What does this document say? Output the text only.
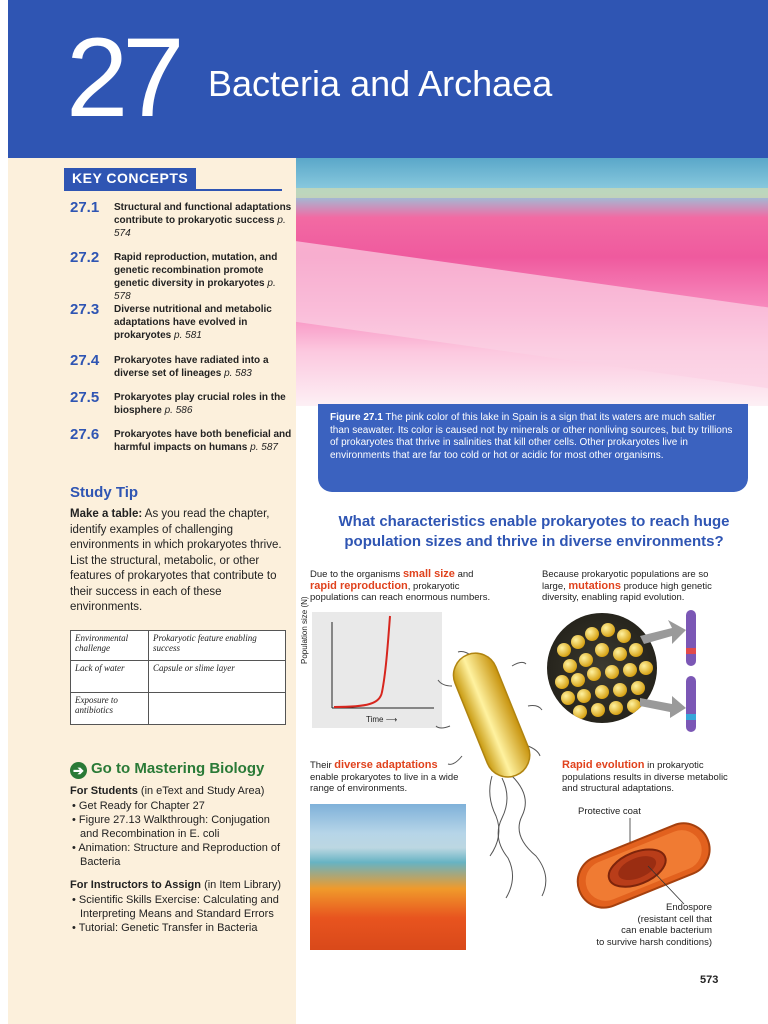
27 Bacteria and Archaea
KEY CONCEPTS
27.1 Structural and functional adaptations contribute to prokaryotic success p. 574
27.2 Rapid reproduction, mutation, and genetic recombination promote genetic diversity in prokaryotes p. 578
27.3 Diverse nutritional and metabolic adaptations have evolved in prokaryotes p. 581
27.4 Prokaryotes have radiated into a diverse set of lineages p. 583
27.5 Prokaryotes play crucial roles in the biosphere p. 586
27.6 Prokaryotes have both beneficial and harmful impacts on humans p. 587
Study Tip
Make a table: As you read the chapter, identify examples of challenging environments in which prokaryotes thrive. List the structural, metabolic, or other features of prokaryotes that contribute to their success in each of these environments.
Environmental challenge	Prokaryotic feature enabling success
Lack of water	Capsule or slime layer
Exposure to antibiotics	
➔ Go to Mastering Biology
For Students (in eText and Study Area)
• Get Ready for Chapter 27
• Figure 27.13 Walkthrough: Conjugation and Recombination in E. coli
• Animation: Structure and Reproduction of Bacteria
For Instructors to Assign (in Item Library)
• Scientific Skills Exercise: Calculating and Interpreting Means and Standard Errors
• Tutorial: Genetic Transfer in Bacteria
Figure 27.1 The pink color of this lake in Spain is a sign that its waters are much saltier than seawater. Its color is caused not by minerals or other nonliving sources, but by trillions of prokaryotes that thrive in salinities that kill other cells. Other prokaryotes live in environments that are far too cold or hot or acidic for most other organisms.
What characteristics enable prokaryotes to reach huge population sizes and thrive in diverse environments?
Due to the organisms small size and
rapid reproduction, prokaryotic populations can reach enormous numbers.
Because prokaryotic populations are so large, mutations produce high genetic diversity, enabling rapid evolution.
Their diverse adaptations enable prokaryotes to live in a wide range of environments.
Rapid evolution in prokaryotic populations results in diverse metabolic and structural adaptations.
Population size (N)
Time ⟶
Protective coat
Endospore
(resistant cell that
can enable bacterium
to survive harsh conditions)
573
